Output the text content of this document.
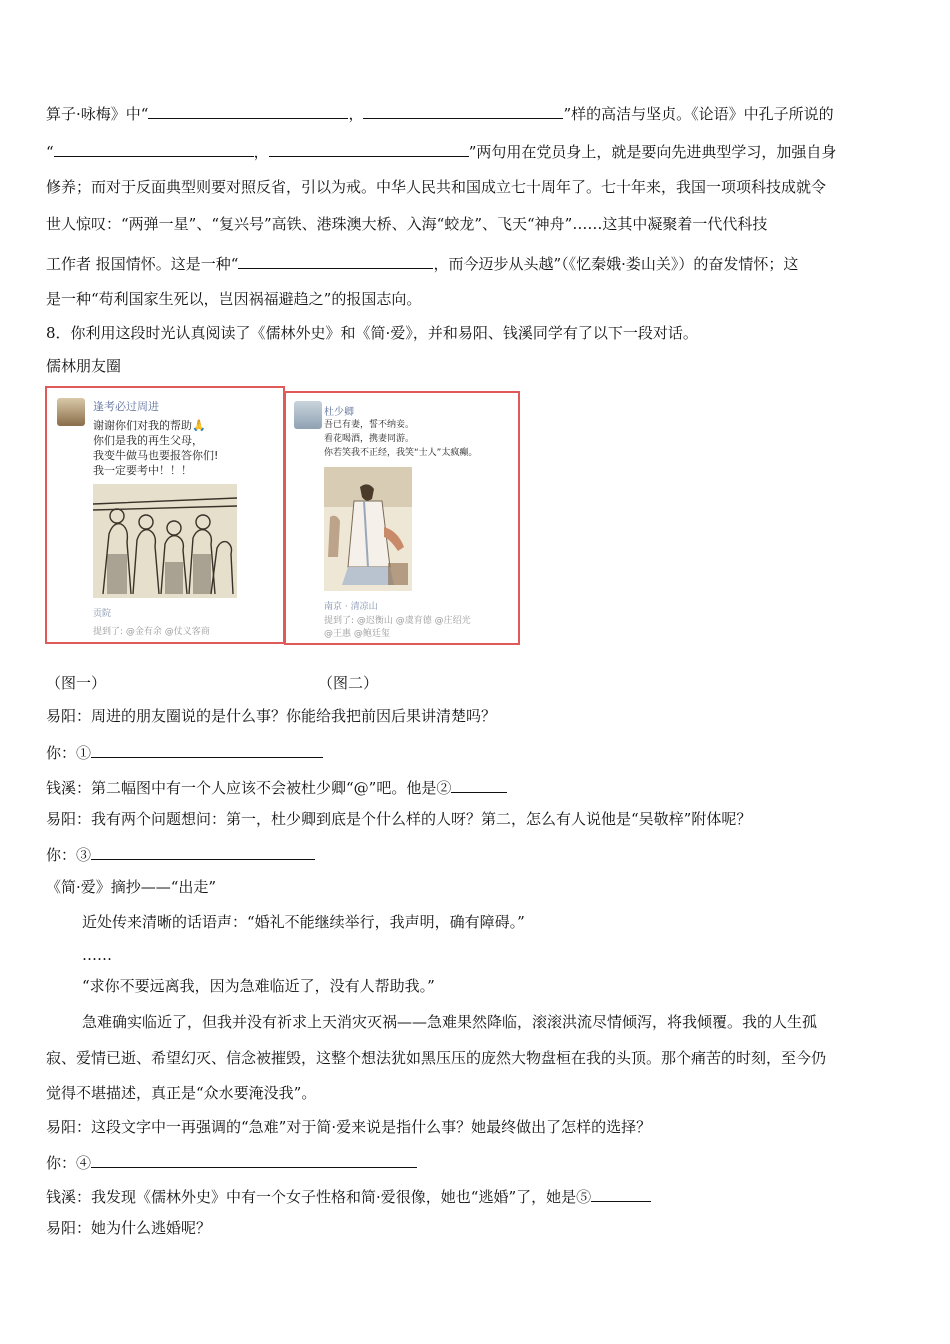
算子·咏梅》中“	，	”样的高洁与坚贞。《论语》中孔子所说的
“	，	”两句用在党员身上，就是要向先进典型学习，加强自身
修养；而对于反面典型则要对照反省，引以为戒。中华人民共和国成立七十周年了。七十年来，我国一项项科技成就令
世人惊叹：“两弹一星”、“复兴号”高铁、港珠澳大桥、入海“蛟龙”、飞天“神舟”……这其中凝聚着一代代科技
工作者 报国情怀。这是一种“	，而今迈步从头越”（《忆秦娥·娄山关》）的奋发情怀；这
是一种“苟利国家生死以，岂因祸福避趋之”的报国志向。
8．你利用这段时光认真阅读了《儒林外史》和《简·爱》，并和易阳、钱溪同学有了以下一段对话。
儒林朋友圈
逢考必过周进
谢谢你们对我的帮助🙏
你们是我的再生父母，
我变牛做马也要报答你们!
我一定要考中！！！
贡院
提到了: @金有余 @仗义客商
杜少卿
吾已有妻，誓不纳妾。
看花喝酒，携妻同游。
你若笑我不正经，我笑“士人”太疯癫。
南京 · 清凉山
提到了: @迟衡山 @虞育德 @庄绍光
@王惠 @鲍廷玺
（图一）	（图二）
易阳：周进的朋友圈说的是什么事？你能给我把前因后果讲清楚吗？
你：①
钱溪：第二幅图中有一个人应该不会被杜少卿“@”吧。他是②
易阳：我有两个问题想问：第一，杜少卿到底是个什么样的人呀？第二，怎么有人说他是“吴敬梓”附体呢？
你：③
《简·爱》摘抄——“出走”
近处传来清晰的话语声：“婚礼不能继续举行，我声明，确有障碍。”
……
“求你不要远离我，因为急难临近了，没有人帮助我。”
急难确实临近了，但我并没有祈求上天消灾灭祸——急难果然降临，滚滚洪流尽情倾泻，将我倾覆。我的人生孤
寂、爱情已逝、希望幻灭、信念被摧毁，这整个想法犹如黑压压的庞然大物盘桓在我的头顶。那个痛苦的时刻，至今仍
觉得不堪描述，真正是“众水要淹没我”。
易阳：这段文字中一再强调的“急难”对于简·爱来说是指什么事？她最终做出了怎样的选择？
你：④
钱溪：我发现《儒林外史》中有一个女子性格和简·爱很像，她也“逃婚”了，她是⑤
易阳：她为什么逃婚呢？
